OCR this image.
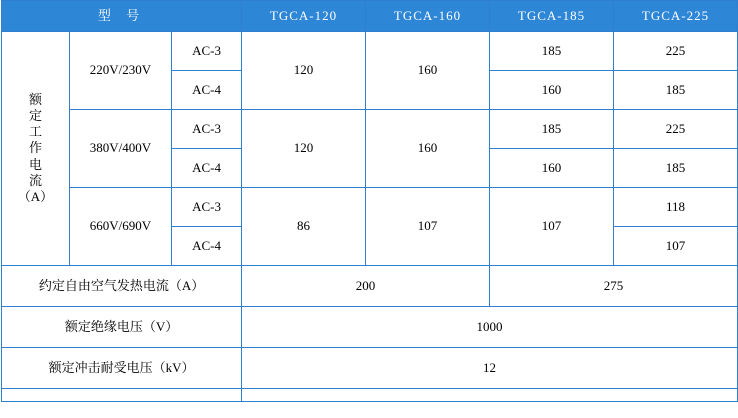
型 号			TGCA-120	TGCA-160	TGCA-185	TGCA-225

额
定
工
作
电
流
（A）
	220V/230V	AC-3	120	160	185	225
		AC-4			160	185
	380V/400V	AC-3	120	160	185	225
		AC-4			160	185
	660V/690V	AC-3	86	107	107	118
		AC-4				107
约定自由空气发热电流（A）			200		275	
额定绝缘电压（V）			1000			
额定冲击耐受电压（kV）			12			
